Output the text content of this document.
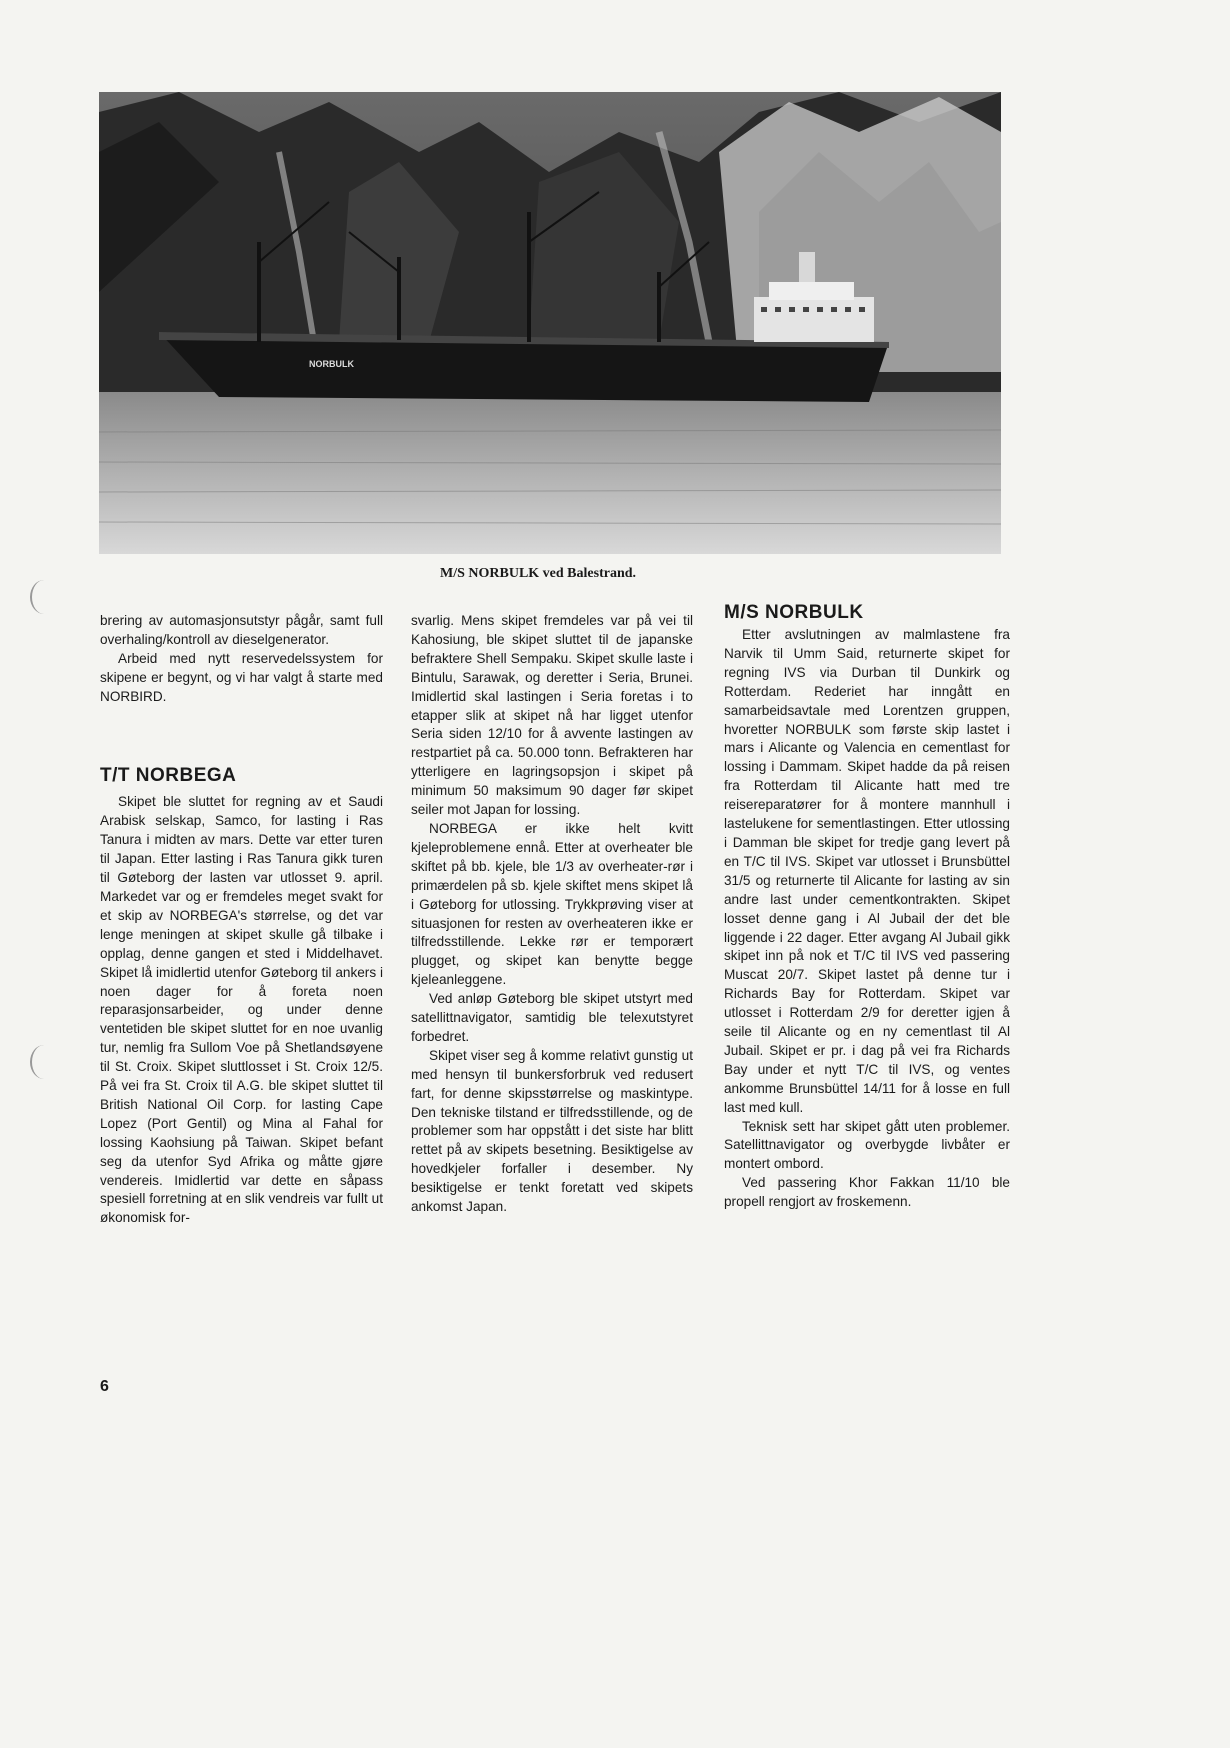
NORBULK
M/S NORBULK ved Balestrand.

brering av automasjonsutstyr pågår, samt full overhaling/kontroll av dieselgenerator.

Arbeid med nytt reservedelssystem for skipene er begynt, og vi har valgt å starte med NORBIRD.

T/T NORBEGA

Skipet ble sluttet for regning av et Saudi Arabisk selskap, Samco, for lasting i Ras Tanura i midten av mars. Dette var etter turen til Japan. Etter lasting i Ras Tanura gikk turen til Gøteborg der lasten var utlosset 9. april. Markedet var og er fremdeles meget svakt for et skip av NORBEGA's størrelse, og det var lenge meningen at skipet skulle gå tilbake i opplag, denne gangen et sted i Middelhavet. Skipet lå imidlertid utenfor Gøteborg til ankers i noen dager for å foreta noen reparasjonsarbeider, og under denne ventetiden ble skipet sluttet for en noe uvanlig tur, nemlig fra Sullom Voe på Shetlandsøyene til St. Croix. Skipet sluttlosset i St. Croix 12/5. På vei fra St. Croix til A.G. ble skipet sluttet til British National Oil Corp. for lasting Cape Lopez (Port Gentil) og Mina al Fahal for lossing Kaohsiung på Taiwan. Skipet befant seg da utenfor Syd Afrika og måtte gjøre vendereis. Imidlertid var dette en såpass spesiell forretning at en slik vendreis var fullt ut økonomisk for-

svarlig. Mens skipet fremdeles var på vei til Kahosiung, ble skipet sluttet til de japanske befraktere Shell Sempaku. Skipet skulle laste i Bintulu, Sarawak, og deretter i Seria, Brunei. Imidlertid skal lastingen i Seria foretas i to etapper slik at skipet nå har ligget utenfor Seria siden 12/10 for å avvente lastingen av restpartiet på ca. 50.000 tonn. Befrakteren har ytterligere en lagringsopsjon i skipet på minimum 50 maksimum 90 dager før skipet seiler mot Japan for lossing.

NORBEGA er ikke helt kvitt kjeleproblemene ennå. Etter at overheater ble skiftet på bb. kjele, ble 1/3 av overheater-rør i primærdelen på sb. kjele skiftet mens skipet lå i Gøteborg for utlossing. Trykkprøving viser at situasjonen for resten av overheateren ikke er tilfredsstillende. Lekke rør er temporært plugget, og skipet kan benytte begge kjeleanleggene.

Ved anløp Gøteborg ble skipet utstyrt med satellittnavigator, samtidig ble telexutstyret forbedret.

Skipet viser seg å komme relativt gunstig ut med hensyn til bunkersforbruk ved redusert fart, for denne skipsstørrelse og maskintype. Den tekniske tilstand er tilfredsstillende, og de problemer som har oppstått i det siste har blitt rettet på av skipets besetning. Besiktigelse av hovedkjeler forfaller i desember. Ny besiktigelse er tenkt foretatt ved skipets ankomst Japan.

M/S NORBULK

Etter avslutningen av malmlastene fra Narvik til Umm Said, returnerte skipet for regning IVS via Durban til Dunkirk og Rotterdam. Rederiet har inngått en samarbeidsavtale med Lorentzen gruppen, hvoretter NORBULK som første skip lastet i mars i Alicante og Valencia en cementlast for lossing i Dammam. Skipet hadde da på reisen fra Rotterdam til Alicante hatt med tre reisereparatører for å montere mannhull i lastelukene for sementlastingen. Etter utlossing i Damman ble skipet for tredje gang levert på en T/C til IVS. Skipet var utlosset i Brunsbüttel 31/5 og returnerte til Alicante for lasting av sin andre last under cementkontrakten. Skipet losset denne gang i Al Jubail der det ble liggende i 22 dager. Etter avgang Al Jubail gikk skipet inn på nok et T/C til IVS ved passering Muscat 20/7. Skipet lastet på denne tur i Richards Bay for Rotterdam. Skipet var utlosset i Rotterdam 2/9 for deretter igjen å seile til Alicante og en ny cementlast til Al Jubail. Skipet er pr. i dag på vei fra Richards Bay under et nytt T/C til IVS, og ventes ankomme Brunsbüttel 14/11 for å losse en full last med kull.

Teknisk sett har skipet gått uten problemer. Satellittnavigator og overbygde livbåter er montert ombord.

Ved passering Khor Fakkan 11/10 ble propell rengjort av froskemenn.

6
